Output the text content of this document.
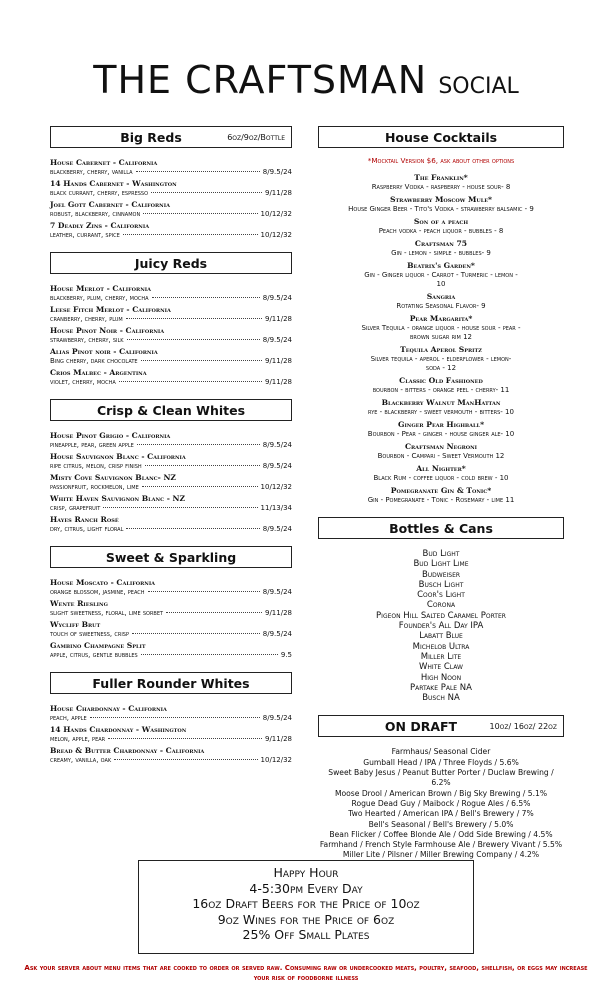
THE CRAFTSMAN SOCIAL
Big Reds	6oz/9oz/Bottle
House Cabernet - California
blackberry, cherry, vanilla	8/9.5/24
14 Hands Cabernet - Washington
black currant, cherry, espresso	9/11/28
Joel Gott Cabernet - California
robust, blackberry, cinnamon	10/12/32
7 Deadly Zins - California
leather, currant, spice	10/12/32
Juicy Reds
House Merlot - California
blackberry, plum, cherry, mocha	8/9.5/24
Leese Fitch Merlot - California
cranberry, cherry, plum	9/11/28
House Pinot Noir - California
strawberry, cherry, silk	8/9.5/24
Alias Pinot noir - California
Bing cherry, dark chocolate	9/11/28
Crios Malbec - Argentina
violet, cherry, mocha	9/11/28
Crisp & Clean Whites
House Pinot Grigio - California
pineapple, pear, green apple	8/9.5/24
House Sauvignon Blanc - California
ripe citrus, melon, crisp finish	8/9.5/24
Misty Cove Sauvignon Blanc- NZ
passionfruit, rockmelon, lime	10/12/32
White Haven Sauvignon Blanc - NZ
crisp, grapefruit	11/13/34
Hayes Ranch Rosé
dry, citrus, light floral	8/9.5/24
Sweet & Sparkling
House Moscato - California
orange blossom, jasmine, peach	8/9.5/24
Wente Riesling
slight sweetness, floral, lime sorbet	9/11/28
Wycliff Brut
touch of sweetness, crisp	8/9.5/24
Gambino Champagne Split
apple, citrus, gentle bubbles	9.5
Fuller Rounder Whites
House Chardonnay - California
peach, apple	8/9.5/24
14 Hands Chardonnay - Washington
melon, apple, pear	9/11/28
Bread & Butter Chardonnay - California
creamy, vanilla, oak	10/12/32
House Cocktails
*Mocktail Version $6, ask about other options
The Franklin*
Raspberry Vodka - raspberry - house sour- 8
Strawberry Moscow Mule*
House Ginger Beer - Tito's Vodka - strawberry balsamic - 9
Son of a peach
Peach vodka - peach liquor - bubbles - 8
Craftsman 75
Gin - lemon - simple - bubbles- 9
Beatrix's Garden*
Gin - Ginger liquor - Carrot - Turmeric - lemon -
10
Sangria
Rotating Seasonal Flavor- 9
Pear Margarita*
Silver Tequila - orange liquor - house sour - pear -
brown sugar rim 12
Tequila Aperol Spritz
Silver tequila - aperol - elderflower - lemon-
soda - 12
Classic Old Fashioned
bourbon - bitters - orange peel - cherry- 11
Blackberry Walnut ManHattan
rye - blackberry - sweet vermouth - bitters- 10
Ginger Pear Highball*
Bourbon - Pear - ginger - house ginger ale- 10
Craftsman Negroni
Bourbon - Campari - Sweet Vermouth 12
All Nighter*
Black Rum - coffee liquor - cold brew - 10
Pomegranate Gin & Tonic*
Gin - Pomegranate - Tonic - Rosemary - lime 11
Bottles & Cans
Bud Light
Bud Light Lime
Budweiser
Busch Light
Coor's Light
Corona
Pigeon Hill Salted Caramel Porter
Founder's All Day IPA
Labatt Blue
Michelob Ultra
Miller Lite
White Claw
High Noon
Partake Pale NA
Busch NA
ON DRAFT	10oz/ 16oz/ 22oz
Farmhaus/ Seasonal Cider
Gumball Head / IPA / Three Floyds / 5.6%
Sweet Baby Jesus / Peanut Butter Porter / Duclaw Brewing / 6.2%
Moose Drool / American Brown / Big Sky Brewing / 5.1%
Rogue Dead Guy / Maibock / Rogue Ales / 6.5%
Two Hearted / American IPA / Bell's Brewery / 7%
Bell's Seasonal / Bell's Brewery / 5.0%
Bean Flicker / Coffee Blonde Ale / Odd Side Brewing / 4.5%
Farmhand / French Style Farmhouse Ale / Brewery Vivant / 5.5%
Miller Lite / Pilsner / Miller Brewing Company / 4.2%
Happy Hour
4-5:30pm Every Day
16oz Draft Beers for the Price of 10oz
9oz Wines for the Price of 6oz
25% Off Small Plates
Ask your server about menu items that are cooked to order or served raw. Consuming raw or undercooked meats, poultry, seafood, shellfish, or eggs may increase your risk of foodborne illness
